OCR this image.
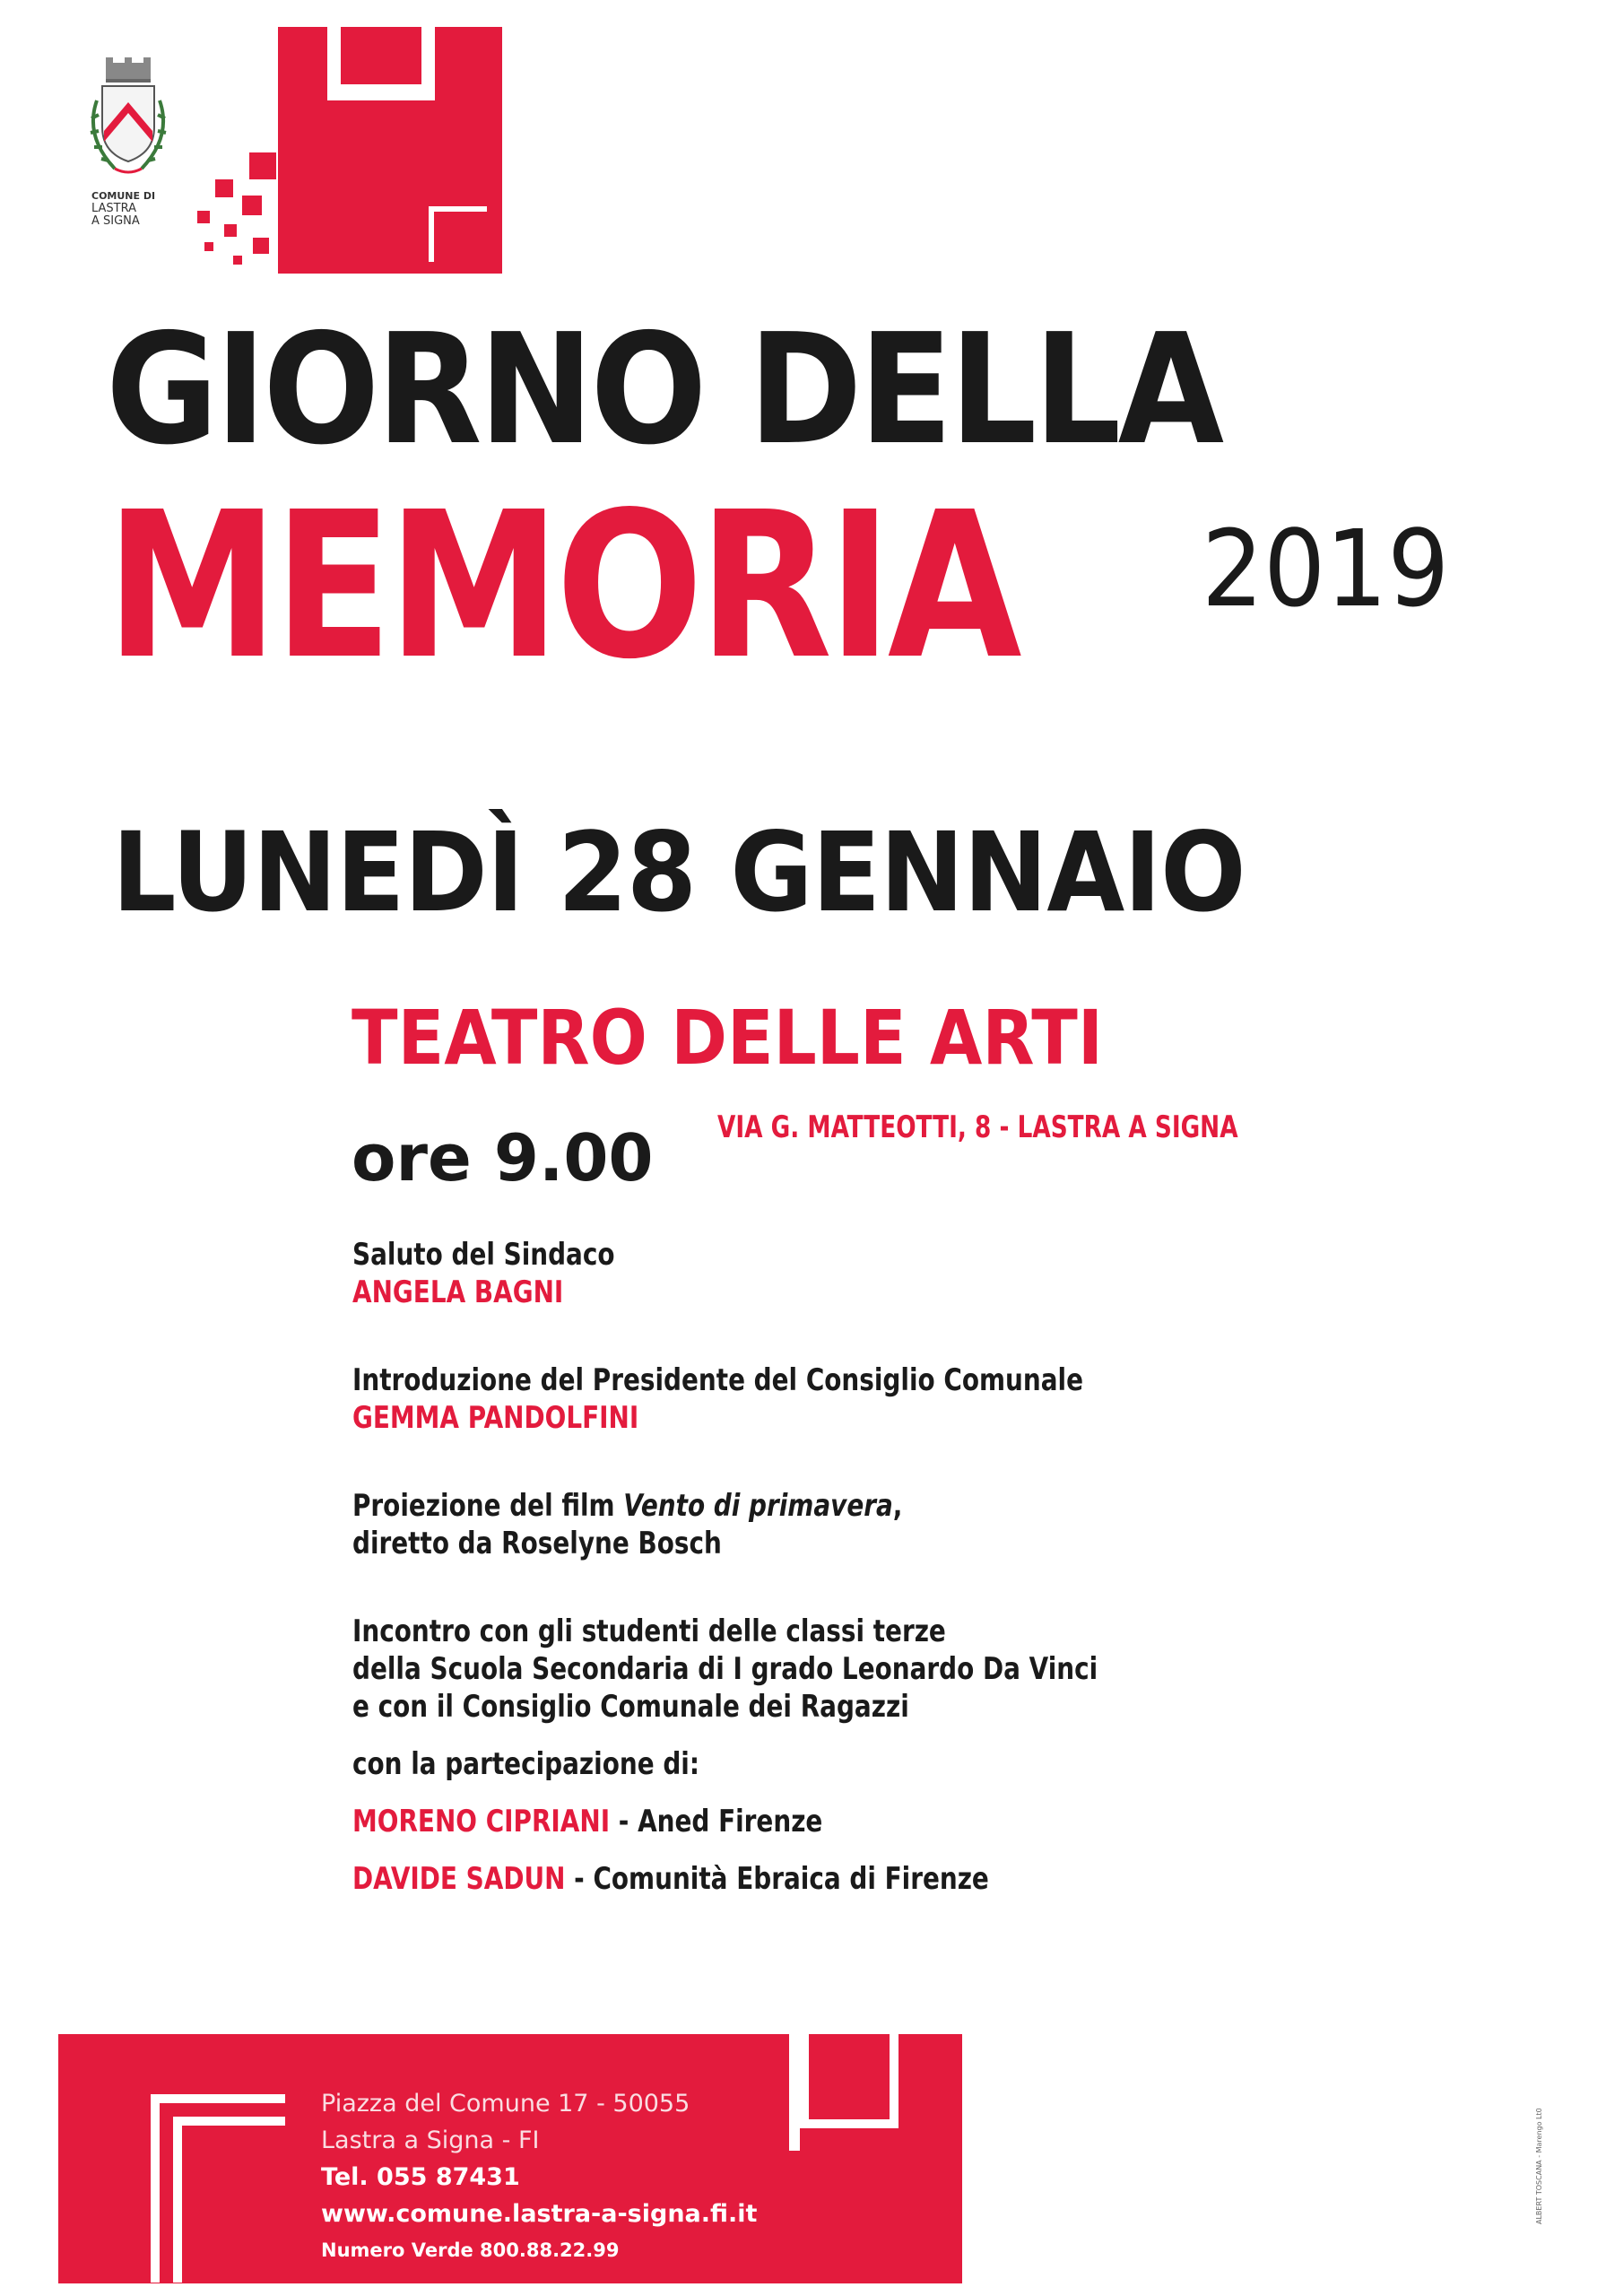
COMUNE DI
LASTRA
A SIGNA
GIORNO DELLA
MEMORIA 2019
LUNEDÌ 28 GENNAIO
TEATRO DELLE ARTI
VIA G. MATTEOTTI, 8 - LASTRA A SIGNA
ore 9.00
Saluto del Sindaco
ANGELA BAGNI
Introduzione del Presidente del Consiglio Comunale
GEMMA PANDOLFINI
Proiezione del film Vento di primavera,
diretto da Roselyne Bosch
Incontro con gli studenti delle classi terze
della Scuola Secondaria di I grado Leonardo Da Vinci
e con il Consiglio Comunale dei Ragazzi
con la partecipazione di:
MORENO CIPRIANI - Aned Firenze
DAVIDE SADUN - Comunità Ebraica di Firenze
Piazza del Comune 17 - 50055
Lastra a Signa - FI
Tel. 055 87431
www.comune.lastra-a-signa.fi.it
Numero Verde 800.88.22.99
ALBERT TOSCANA - Marengo Lt0
